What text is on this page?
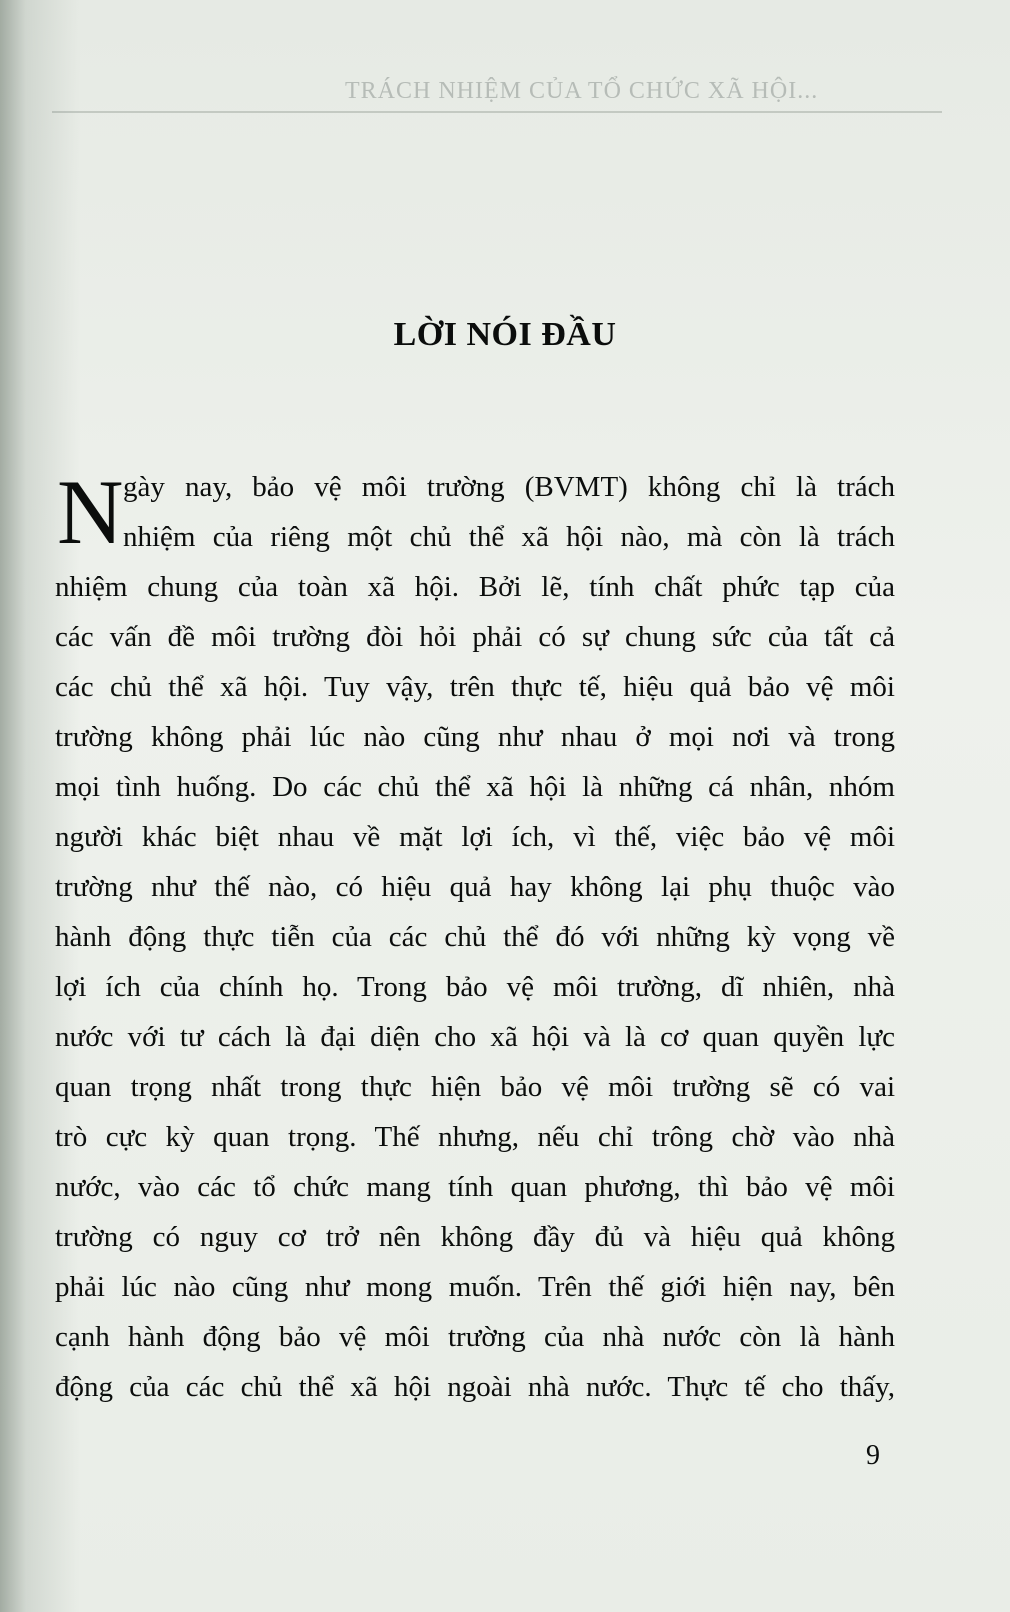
TRÁCH NHIỆM CỦA TỔ CHỨC XÃ HỘI...
LỜI NÓI ĐẦU
N gày nay, bảo vệ môi trường (BVMT) không chỉ là trách
nhiệm của riêng một chủ thể xã hội nào, mà còn là trách
nhiệm chung của toàn xã hội. Bởi lẽ, tính chất phức tạp của
các vấn đề môi trường đòi hỏi phải có sự chung sức của tất cả
các chủ thể xã hội. Tuy vậy, trên thực tế, hiệu quả bảo vệ môi
trường không phải lúc nào cũng như nhau ở mọi nơi và trong
mọi tình huống. Do các chủ thể xã hội là những cá nhân, nhóm
người khác biệt nhau về mặt lợi ích, vì thế, việc bảo vệ môi
trường như thế nào, có hiệu quả hay không lại phụ thuộc vào
hành động thực tiễn của các chủ thể đó với những kỳ vọng về
lợi ích của chính họ. Trong bảo vệ môi trường, dĩ nhiên, nhà
nước với tư cách là đại diện cho xã hội và là cơ quan quyền lực
quan trọng nhất trong thực hiện bảo vệ môi trường sẽ có vai
trò cực kỳ quan trọng. Thế nhưng, nếu chỉ trông chờ vào nhà
nước, vào các tổ chức mang tính quan phương, thì bảo vệ môi
trường có nguy cơ trở nên không đầy đủ và hiệu quả không
phải lúc nào cũng như mong muốn. Trên thế giới hiện nay, bên
cạnh hành động bảo vệ môi trường của nhà nước còn là hành
động của các chủ thể xã hội ngoài nhà nước. Thực tế cho thấy,
9
